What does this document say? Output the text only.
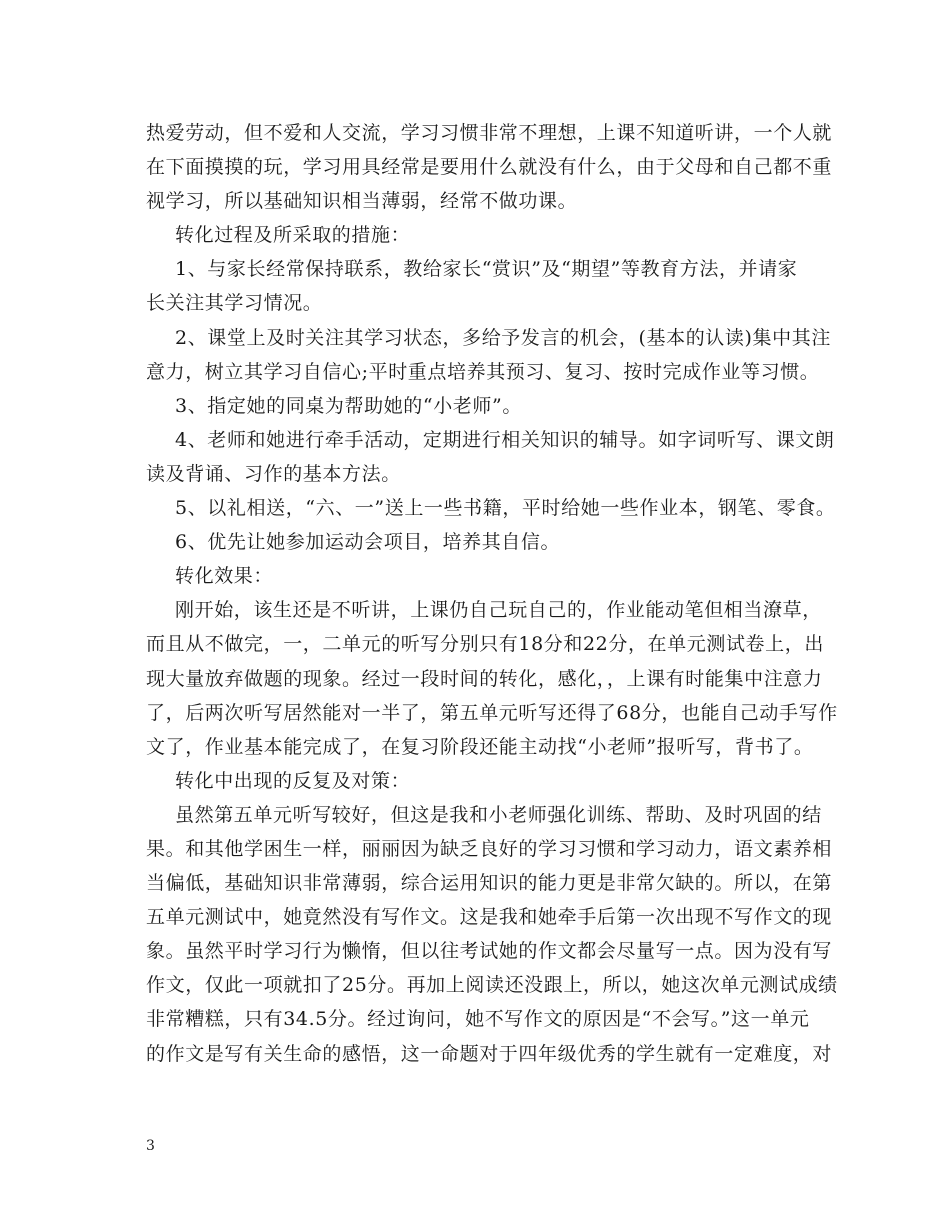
热爱劳动，但不爱和人交流，学习习惯非常不理想，上课不知道听讲，一个人就
在下面摸摸的玩，学习用具经常是要用什么就没有什么，由于父母和自己都不重
视学习，所以基础知识相当薄弱，经常不做功课。
转化过程及所采取的措施：
1、与家长经常保持联系，教给家长“赏识”及“期望”等教育方法，并请家
长关注其学习情况。
2、课堂上及时关注其学习状态，多给予发言的机会，(基本的认读)集中其注
意力，树立其学习自信心;平时重点培养其预习、复习、按时完成作业等习惯。
3、指定她的同桌为帮助她的“小老师”。
4、老师和她进行牵手活动，定期进行相关知识的辅导。如字词听写、课文朗
读及背诵、习作的基本方法。
5、以礼相送，“六、一”送上一些书籍，平时给她一些作业本，钢笔、零食。
6、优先让她参加运动会项目，培养其自信。
转化效果：
刚开始，该生还是不听讲，上课仍自己玩自己的，作业能动笔但相当潦草，
而且从不做完，一，二单元的听写分别只有18分和22分，在单元测试卷上，出
现大量放弃做题的现象。经过一段时间的转化，感化，，上课有时能集中注意力
了，后两次听写居然能对一半了，第五单元听写还得了68分，也能自己动手写作
文了，作业基本能完成了，在复习阶段还能主动找“小老师”报听写，背书了。
转化中出现的反复及对策：
虽然第五单元听写较好，但这是我和小老师强化训练、帮助、及时巩固的结
果。和其他学困生一样，丽丽因为缺乏良好的学习习惯和学习动力，语文素养相
当偏低，基础知识非常薄弱，综合运用知识的能力更是非常欠缺的。所以，在第
五单元测试中，她竟然没有写作文。这是我和她牵手后第一次出现不写作文的现
象。虽然平时学习行为懒惰，但以往考试她的作文都会尽量写一点。因为没有写
作文，仅此一项就扣了25分。再加上阅读还没跟上，所以，她这次单元测试成绩
非常糟糕，只有34.5分。经过询问，她不写作文的原因是“不会写。”这一单元
的作文是写有关生命的感悟，这一命题对于四年级优秀的学生就有一定难度，对
3
